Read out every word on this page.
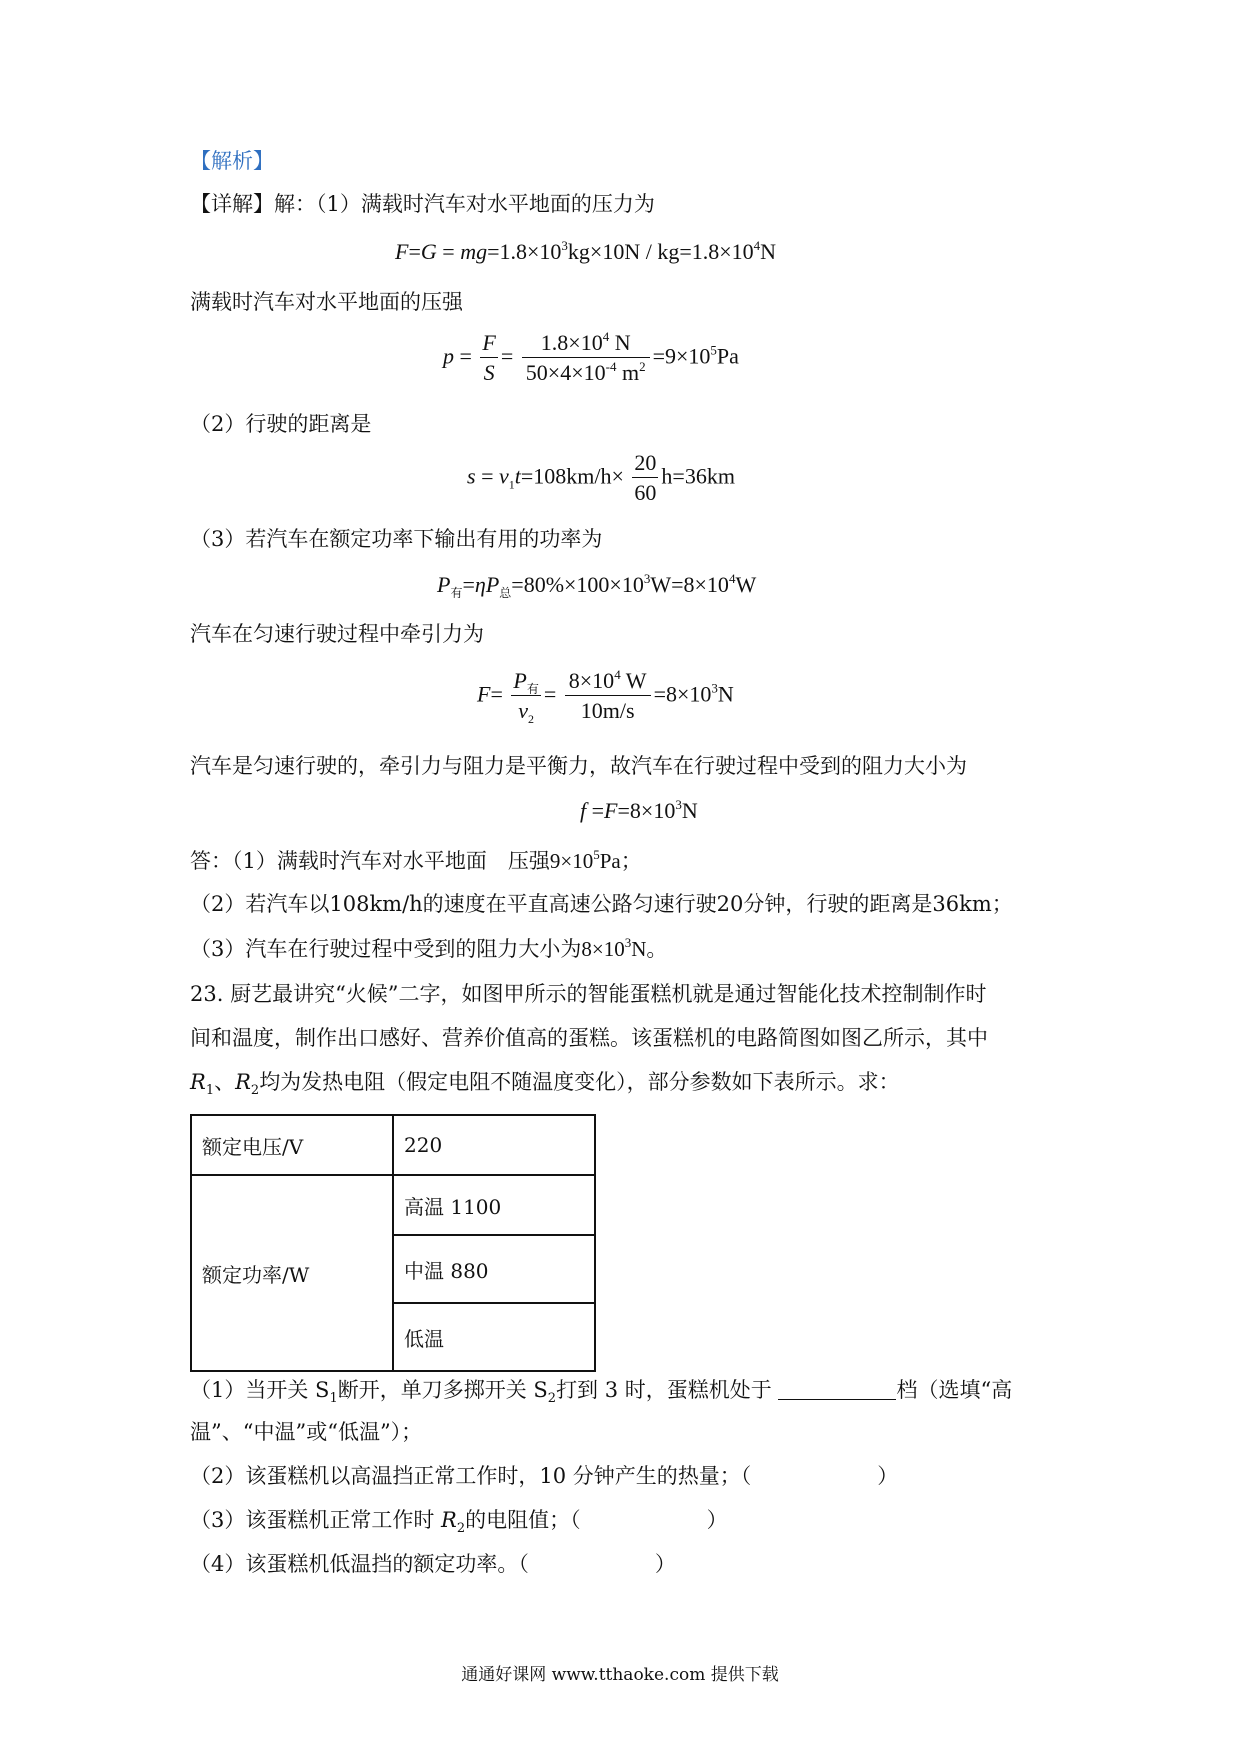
【解析】
【详解】解：（1）满载时汽车对水平地面的压力为
$F=G = mg=1.8\times 10^3kg\times 10N / kg=1.8\times 10^4N$
满载时汽车对水平地面的压强
$p = \frac{F}{S} = \frac{1.8\times 10^4 N}{50\times 4\times 10^{-4} m^2} =9\times 10^5Pa$
（2）行驶的距离是
$s = v_1t=108km/h\times \frac{20}{60} h=36km$
（3）若汽车在额定功率下输出有用的功率为
$P_有=\eta P_总=80\%\times 100\times 10^3W=8\times 10^4W$
汽车在匀速行驶过程中牵引力为
$F= \frac{P_有}{v_2} = \frac{8\times 10^4 W}{10m/s} =8\times 10^3N$
汽车是匀速行驶的，牵引力与阻力是平衡力，故汽车在行驶过程中受到的阻力大小为
$f =F=8\times 10^3N$
答：（1）满载时汽车对水平地面　压强$9\times 10^5Pa$；
（2）若汽车以108km/h的速度在平直高速公路匀速行驶20分钟，行驶的距离是36km；
（3）汽车在行驶过程中受到的阻力大小为$8\times 10^3N$。
23. 厨艺最讲究“火候”二字，如图甲所示的智能蛋糕机就是通过智能化技术控制制作时
间和温度，制作出口感好、营养价值高的蛋糕。该蛋糕机的电路简图如图乙所示，其中
$R_1$、$R_2$均为发热电阻（假定电阻不随温度变化），部分参数如下表所示。求：
额定电压/V	220
额定功率/W	高温 1100
	中温 880
	低温
（1）当开关 $S_1$断开，单刀多掷开关 $S_2$打到 3 时，蛋糕机处于	档（选填“高
温”、“中温”或“低温”）；
（2）该蛋糕机以高温挡正常工作时，10 分钟产生的热量；（　　　　　　）
（3）该蛋糕机正常工作时 $R_2$的电阻值；（　　　　　　）
（4）该蛋糕机低温挡的额定功率。（　　　　　　）
通通好课网 www.tthaoke.com 提供下载
